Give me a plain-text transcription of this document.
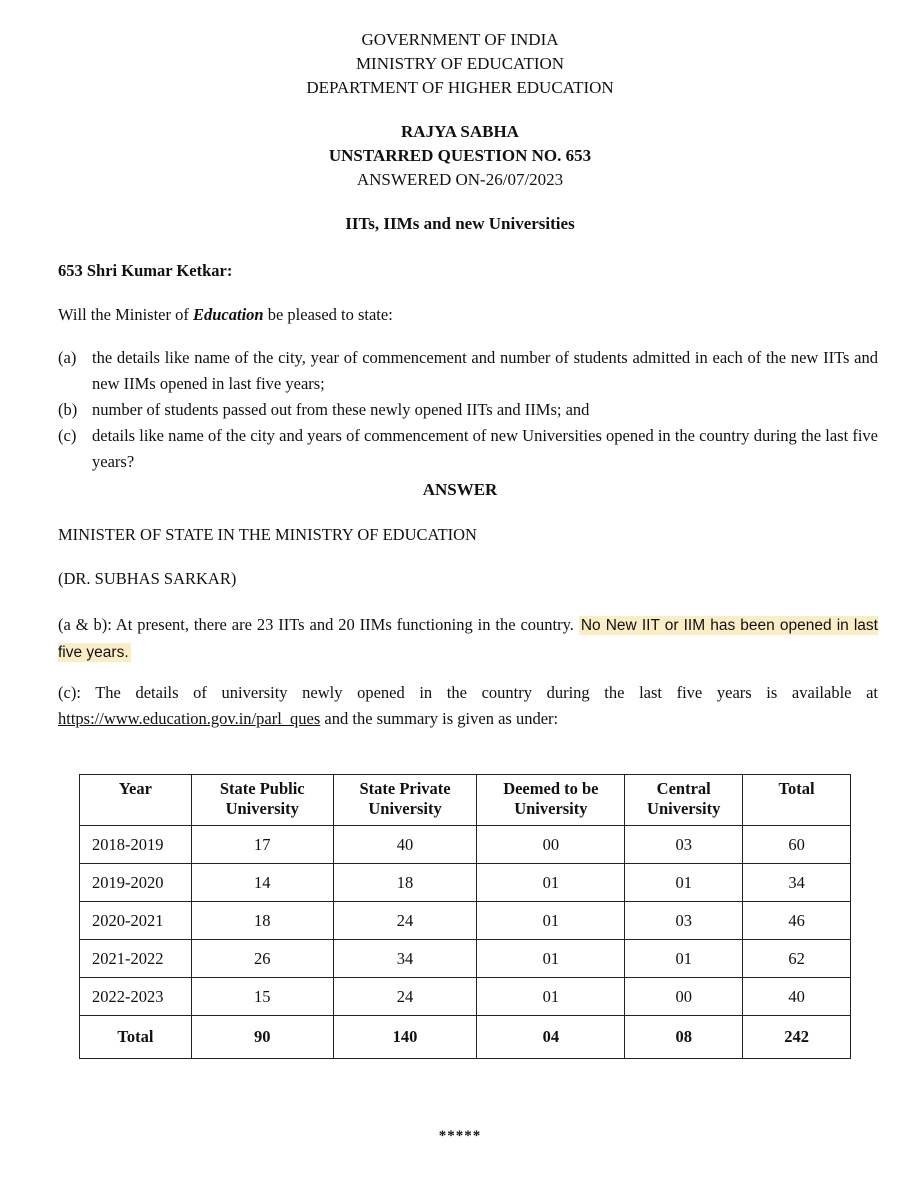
GOVERNMENT OF INDIA
MINISTRY OF EDUCATION
DEPARTMENT OF HIGHER EDUCATION
RAJYA SABHA
UNSTARRED QUESTION NO. 653
ANSWERED ON-26/07/2023
IITs, IIMs and new Universities
653 Shri Kumar Ketkar:
Will the Minister of Education be pleased to state:
(a) the details like name of the city, year of commencement and number of students admitted in each of the new IITs and new IIMs opened in last five years;
(b) number of students passed out from these newly opened IITs and IIMs; and
(c) details like name of the city and years of commencement of new Universities opened in the country during the last five years?
ANSWER
MINISTER OF STATE IN THE MINISTRY OF EDUCATION
(DR. SUBHAS SARKAR)
(a & b): At present, there are 23 IITs and 20 IIMs functioning in the country. No New IIT or IIM has been opened in last five years.
(c): The details of university newly opened in the country during the last five years is available at https://www.education.gov.in/parl_ques and the summary is given as under:
Year	State Public University	State Private University	Deemed to be University	Central University	Total
2018-2019	17	40	00	03	60
2019-2020	14	18	01	01	34
2020-2021	18	24	01	03	46
2021-2022	26	34	01	01	62
2022-2023	15	24	01	00	40
Total	90	140	04	08	242
*****
